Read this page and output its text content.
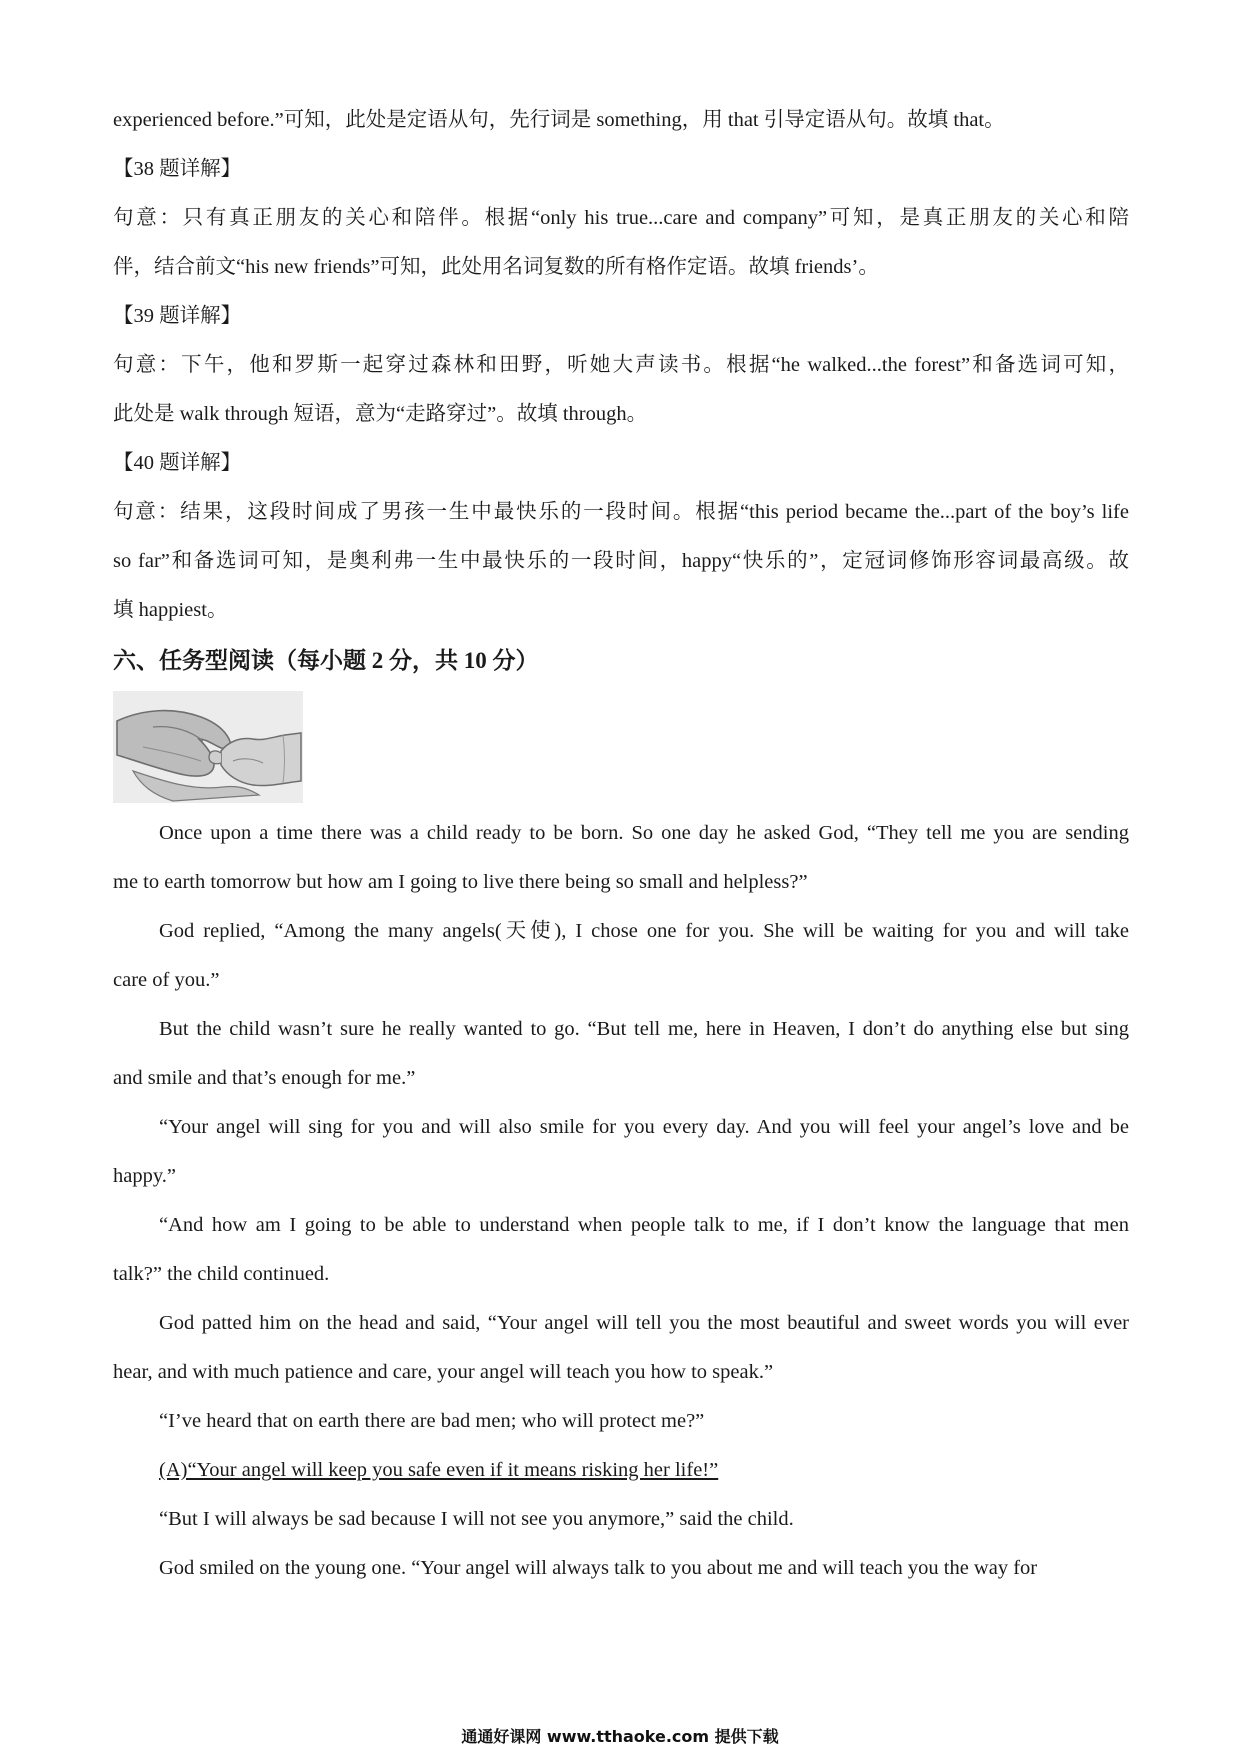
experienced before.”可知，此处是定语从句，先行词是 something，用 that 引导定语从句。故填 that。
【38 题详解】
句意：只有真正朋友的关心和陪伴。根据“only his true...care and company”可知，是真正朋友的关心和陪
伴，结合前文“his new friends”可知，此处用名词复数的所有格作定语。故填 friends’。
【39 题详解】
句意：下午，他和罗斯一起穿过森林和田野，听她大声读书。根据“he walked...the forest”和备选词可知，
此处是 walk through 短语，意为“走路穿过”。故填 through。
【40 题详解】
句意：结果，这段时间成了男孩一生中最快乐的一段时间。根据“this period became the...part of the boy’s life
so far”和备选词可知，是奥利弗一生中最快乐的一段时间，happy“快乐的”，定冠词修饰形容词最高级。故
填 happiest。
六、任务型阅读（每小题 2 分，共 10 分）
Once upon a time there was a child ready to be born. So one day he asked God, “They tell me you are sending
me to earth tomorrow but how am I going to live there being so small and helpless?”
God replied, “Among the many angels(天使), I chose one for you. She will be waiting for you and will take
care of you.”
But the child wasn’t sure he really wanted to go. “But tell me, here in Heaven, I don’t do anything else but sing
and smile and that’s enough for me.”
“Your angel will sing for you and will also smile for you every day. And you will feel your angel’s love and be
happy.”
“And how am I going to be able to understand when people talk to me, if I don’t know the language that men
talk?” the child continued.
God patted him on the head and said, “Your angel will tell you the most beautiful and sweet words you will ever
hear, and with much patience and care, your angel will teach you how to speak.”
“I’ve heard that on earth there are bad men; who will protect me?”
(A)“Your angel will keep you safe even if it means risking her life!”
“But I will always be sad because I will not see you anymore,” said the child.
God smiled on the young one. “Your angel will always talk to you about me and will teach you the way for
通通好课网 www.tthaoke.com 提供下载
